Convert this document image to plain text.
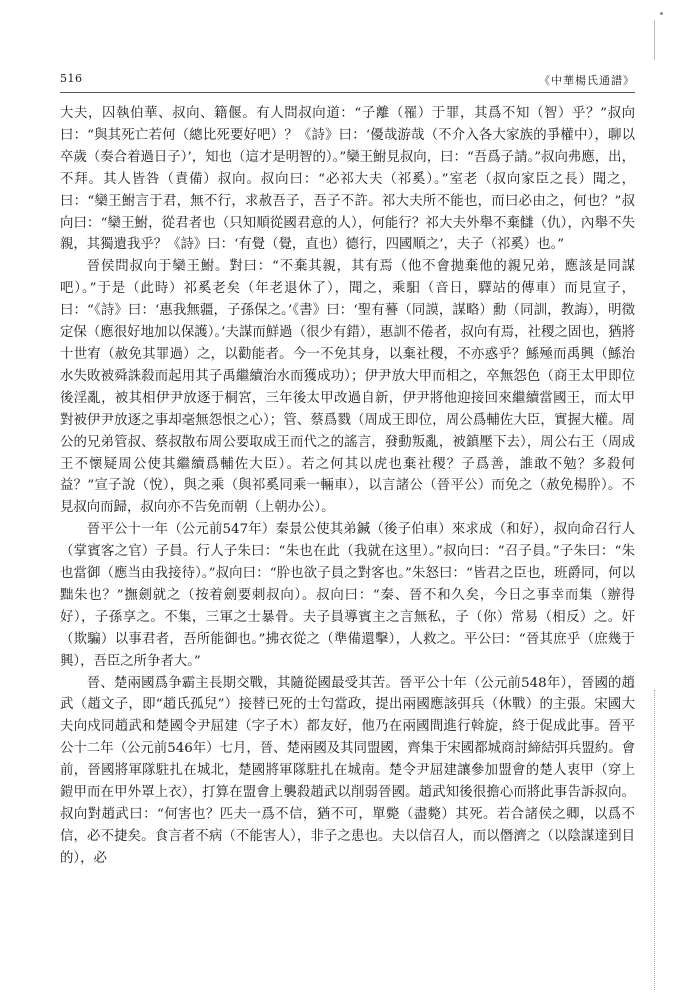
516	《中華楊氏通譜》

大夫，囚執伯華、叔向、籍偃。有人問叔向道：“子離（罹）于罪，其爲不知（智）乎？”叔向曰：“與其死亡若何（總比死要好吧）？《詩》曰：‘優哉游哉（不介入各大家族的爭權中），聊以卒歲（奏合着過日子）’，知也（這才是明智的）。”欒王鮒見叔向，曰：“吾爲子請。”叔向弗應，出，不拜。其人皆咎（責備）叔向。叔向曰：“必祁大夫（祁奚）。”室老（叔向家臣之長）聞之，曰：“欒王鮒言于君，無不行，求赦吾子，吾子不許。祁大夫所不能也，而曰必由之，何也？”叔向曰：“欒王鮒，從君者也（只知順從國君意的人），何能行？祁大夫外舉不棄讎（仇），內舉不失親，其獨遺我乎？《詩》曰：‘有覺（覺，直也）德行，四國順之’，夫子（祁奚）也。”

晉侯問叔向于欒王鮒。對曰：“不棄其親，其有焉（他不會拋棄他的親兄弟，應該是同謀吧）。”于是（此時）祁奚老矣（年老退休了），聞之，乘馹（音日，驛站的傳車）而見宣子，曰：“《詩》曰：‘惠我無疆，子孫保之。’《書》曰：‘聖有謩（同謨，謀略）勳（同訓，教誨），明徵定保（應很好地加以保護）。’夫謀而鮮過（很少有錯），惠訓不倦者，叔向有焉，社稷之固也，猶將十世宥（赦免其罪過）之，以勸能者。今一不免其身，以棄社稷，不亦惑乎？鯀殛而禹興（鯀治水失敗被舜誅殺而起用其子禹繼續治水而獲成功）；伊尹放大甲而相之，卒無怨色（商王太甲即位後淫亂，被其相伊尹放逐于桐宮，三年後太甲改過自新，伊尹將他迎接回來繼續當國王，而太甲對被伊尹放逐之事却毫無怨恨之心）；管、蔡爲戮（周成王即位，周公爲輔佐大臣，實握大權。周公的兄弟管叔、蔡叔散布周公要取成王而代之的謠言，發動叛亂，被鎮壓下去），周公右王（周成王不懷疑周公使其繼續爲輔佐大臣）。若之何其以虎也棄社稷？子爲善，誰敢不勉？多殺何益？”宣子說（悅），與之乘（與祁奚同乘一輛車），以言諸公（晉平公）而免之（赦免楊肸）。不見叔向而歸，叔向亦不告免而朝（上朝办公）。

晉平公十一年（公元前547年）秦景公使其弟鍼（後子伯車）來求成（和好），叔向命召行人（掌賓客之官）子員。行人子朱曰：“朱也在此（我就在这里）。”叔向曰：“召子員。”子朱曰：“朱也當御（應当由我接待）。”叔向曰：“肸也欲子員之對客也。”朱怒曰：“皆君之臣也，班爵同，何以黜朱也？”撫劍就之（按着劍要刺叔向）。叔向曰：“秦、晉不和久矣，今日之事幸而集（辦得好），子孫享之。不集，三軍之士暴骨。夫子員導賓主之言無私，子（你）常易（相反）之。奸（欺騙）以事君者，吾所能御也。”拂衣從之（準備還擊），人救之。平公曰：“晉其庶乎（庶幾于興），吾臣之所争者大。”

晉、楚兩國爲争霸主長期交戰，其隨從國最受其苦。晉平公十年（公元前548年），晉國的趙武（趙文子，即“趙氏孤兒”）接替已死的士匄當政，提出兩國應該弭兵（休戰）的主張。宋國大夫向戍同趙武和楚國令尹屈建（字子木）都友好，他乃在兩國間進行斡旋，終于促成此事。晉平公十二年（公元前546年）七月，晉、楚兩國及其同盟國，齊集于宋國都城商討締結弭兵盟約。會前，晉國將軍隊駐扎在城北，楚國將軍隊駐扎在城南。楚令尹屈建讓參加盟會的楚人衷甲（穿上鎧甲而在甲外罩上衣），打算在盟會上襲殺趙武以削弱晉國。趙武知後很擔心而將此事告訴叔向。叔向對趙武曰：“何害也？匹夫一爲不信，猶不可，單斃（盡斃）其死。若合諸侯之卿，以爲不信，必不捷矣。食言者不病（不能害人），非子之患也。夫以信召人，而以僭濟之（以陰謀達到目的），必
